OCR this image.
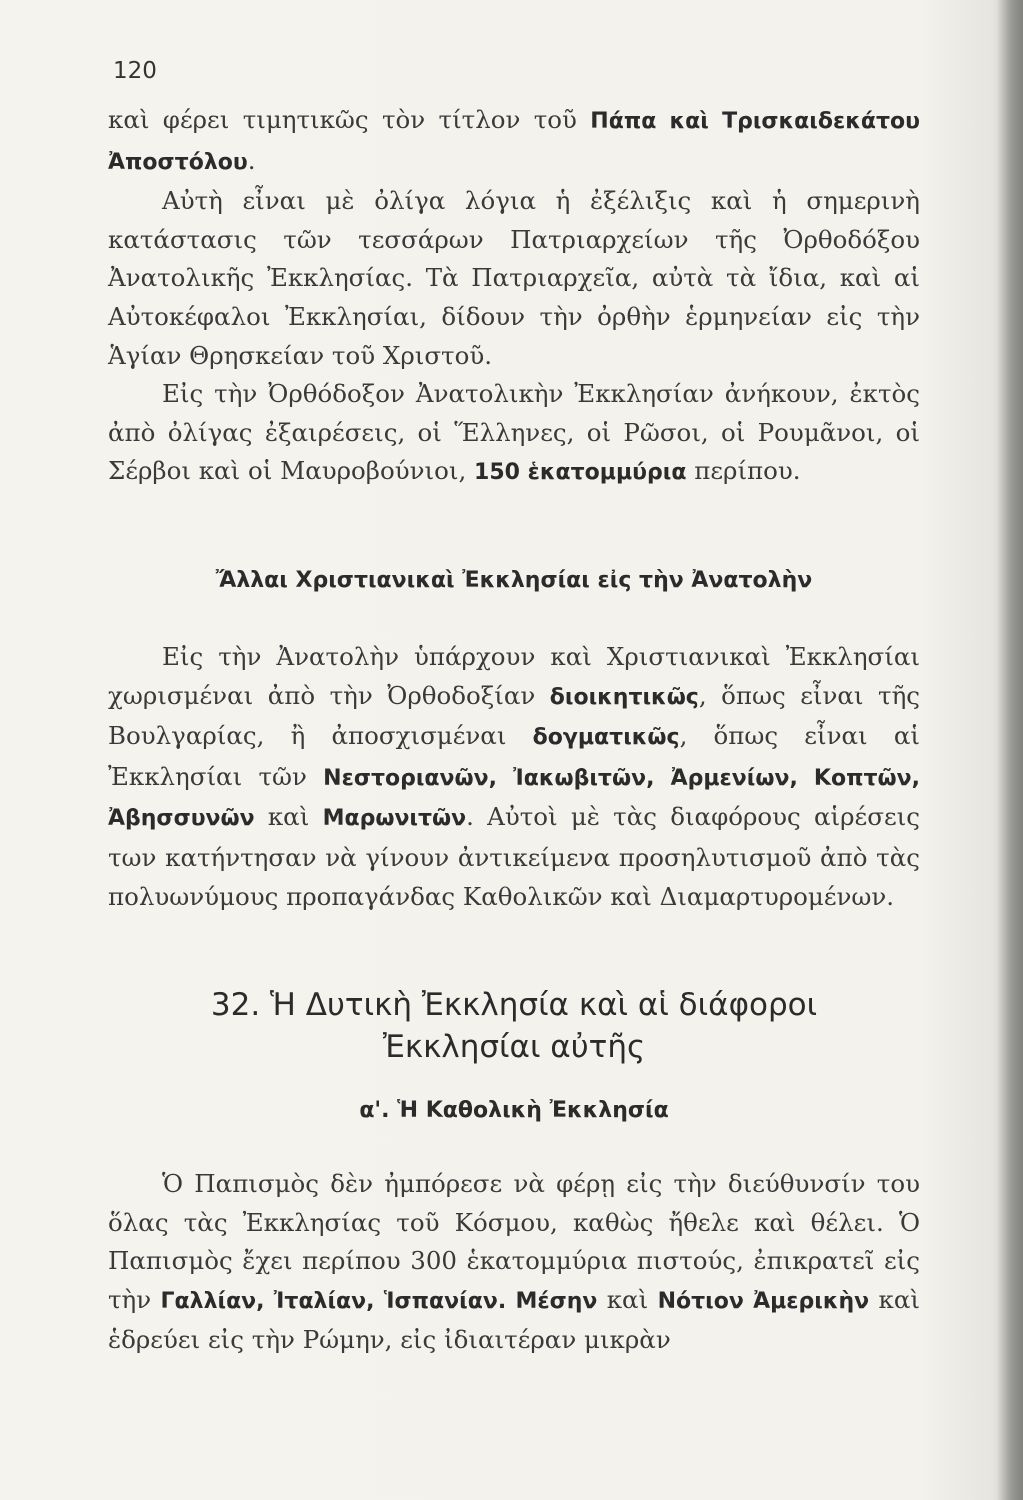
120

καὶ φέρει τιμητικῶς τὸν τίτλον τοῦ Πάπα καὶ Τρισκαιδεκάτου Ἀποστόλου.

Αὐτὴ εἶναι μὲ ὀλίγα λόγια ἡ ἐξέλιξις καὶ ἡ σημερινὴ κατάστασις τῶν τεσσάρων Πατριαρχείων τῆς Ὀρθοδόξου Ἀνατολικῆς Ἐκκλησίας. Τὰ Πατριαρχεῖα, αὐτὰ τὰ ἴδια, καὶ αἱ Αὐτοκέφαλοι Ἐκκλησίαι, δίδουν τὴν ὀρθὴν ἑρμηνείαν εἰς τὴν Ἁγίαν Θρησκείαν τοῦ Χριστοῦ.

Εἰς τὴν Ὀρθόδοξον Ἀνατολικὴν Ἐκκλησίαν ἀνήκουν, ἐκτὸς ἀπὸ ὀλίγας ἐξαιρέσεις, οἱ Ἕλληνες, οἱ Ρῶσοι, οἱ Ρουμᾶνοι, οἱ Σέρβοι καὶ οἱ Μαυροβούνιοι, 150 ἑκατομμύρια περίπου.

Ἄλλαι Χριστιανικαὶ Ἐκκλησίαι εἰς τὴν Ἀνατολὴν

Εἰς τὴν Ἀνατολὴν ὑπάρχουν καὶ Χριστιανικαὶ Ἐκκλησίαι χωρισμέναι ἀπὸ τὴν Ὀρθοδοξίαν διοικητικῶς, ὅπως εἶναι τῆς Βουλγαρίας, ἢ ἀποσχισμέναι δογματικῶς, ὅπως εἶναι αἱ Ἐκκλησίαι τῶν Νεστοριανῶν, Ἰακωβιτῶν, Ἀρμενίων, Κοπτῶν, Ἀβησσυνῶν καὶ Μαρωνιτῶν. Αὐτοὶ μὲ τὰς διαφόρους αἱρέσεις των κατήντησαν νὰ γίνουν ἀντικείμενα προσηλυτισμοῦ ἀπὸ τὰς πολυωνύμους προπαγάνδας Καθολικῶν καὶ Διαμαρτυρομένων.

32. Ἡ Δυτικὴ Ἐκκλησία καὶ αἱ διάφοροι
Ἐκκλησίαι αὐτῆς
α'. Ἡ Καθολικὴ Ἐκκλησία

Ὁ Παπισμὸς δὲν ἠμπόρεσε νὰ φέρῃ εἰς τὴν διεύθυνσίν του ὅλας τὰς Ἐκκλησίας τοῦ Κόσμου, καθὼς ἤθελε καὶ θέλει. Ὁ Παπισμὸς ἔχει περίπου 300 ἑκατομμύρια πιστούς, ἐπικρατεῖ εἰς τὴν Γαλλίαν, Ἰταλίαν, Ἱσπανίαν. Μέσην καὶ Νότιον Ἀμερικὴν καὶ ἑδρεύει εἰς τὴν Ρώμην, εἰς ἰδιαιτέραν μικρὰν
